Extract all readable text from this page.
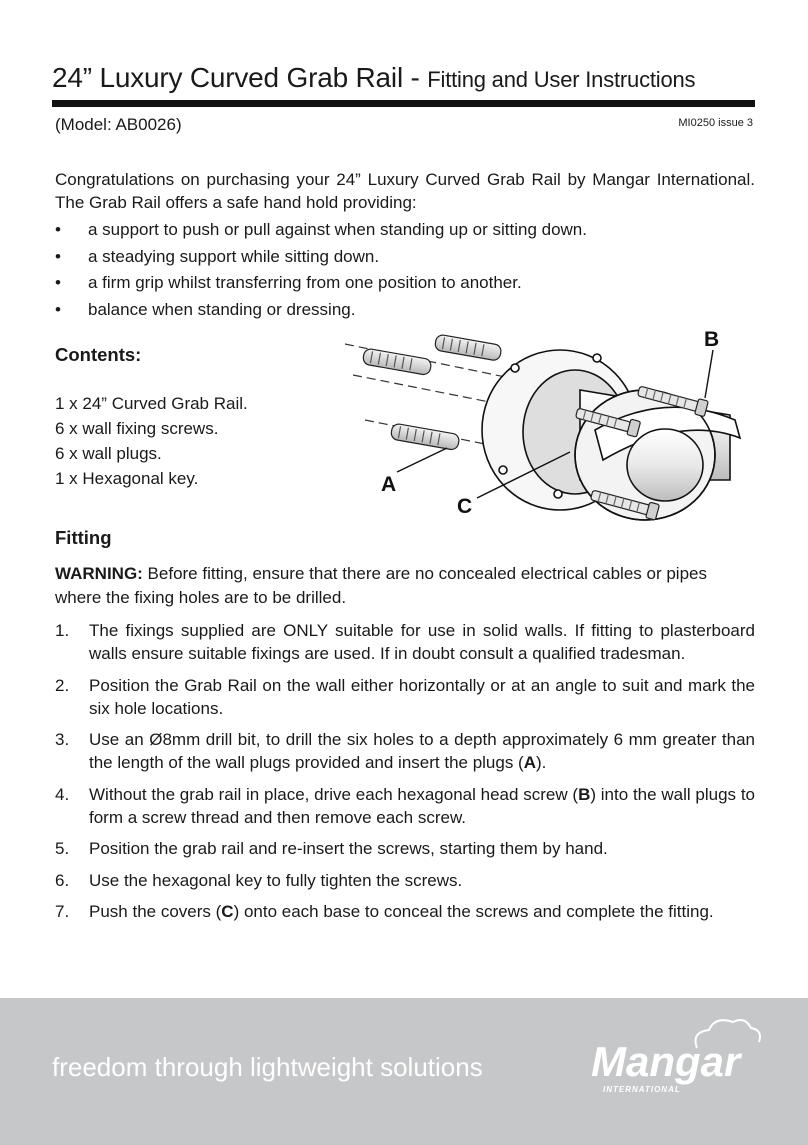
24” Luxury Curved Grab Rail - Fitting and User Instructions
(Model: AB0026)	MI0250 issue 3

Congratulations on purchasing your 24” Luxury Curved Grab Rail by Mangar International. The Grab Rail offers a safe hand hold providing:

• a support to push or pull against when standing up or sitting down.
• a steadying support while sitting down.
• a firm grip whilst transferring from one position to another.
• balance when standing or dressing.
Contents:
1 x 24” Curved Grab Rail.
6 x wall fixing screws.
6 x wall plugs.
1 x Hexagonal key.	A
C
B
Fitting

WARNING: Before fitting, ensure that there are no concealed electrical cables or pipes where the fixing holes are to be drilled.

1. The fixings supplied are ONLY suitable for use in solid walls. If fitting to plasterboard walls ensure suitable fixings are used. If in doubt consult a qualified tradesman.
2. Position the Grab Rail on the wall either horizontally or at an angle to suit and mark the six hole locations.
3. Use an Ø8mm drill bit, to drill the six holes to a depth approximately 6 mm greater than the length of the wall plugs provided and insert the plugs (A).
4. Without the grab rail in place, drive each hexagonal head screw (B) into the wall plugs to form a screw thread and then remove each screw.
5. Position the grab rail and re-insert the screws, starting them by hand.
6. Use the hexagonal key to fully tighten the screws.
7. Push the covers (C) onto each base to conceal the screws and complete the fitting.
freedom through lightweight solutions	Mangar
INTERNATIONAL
